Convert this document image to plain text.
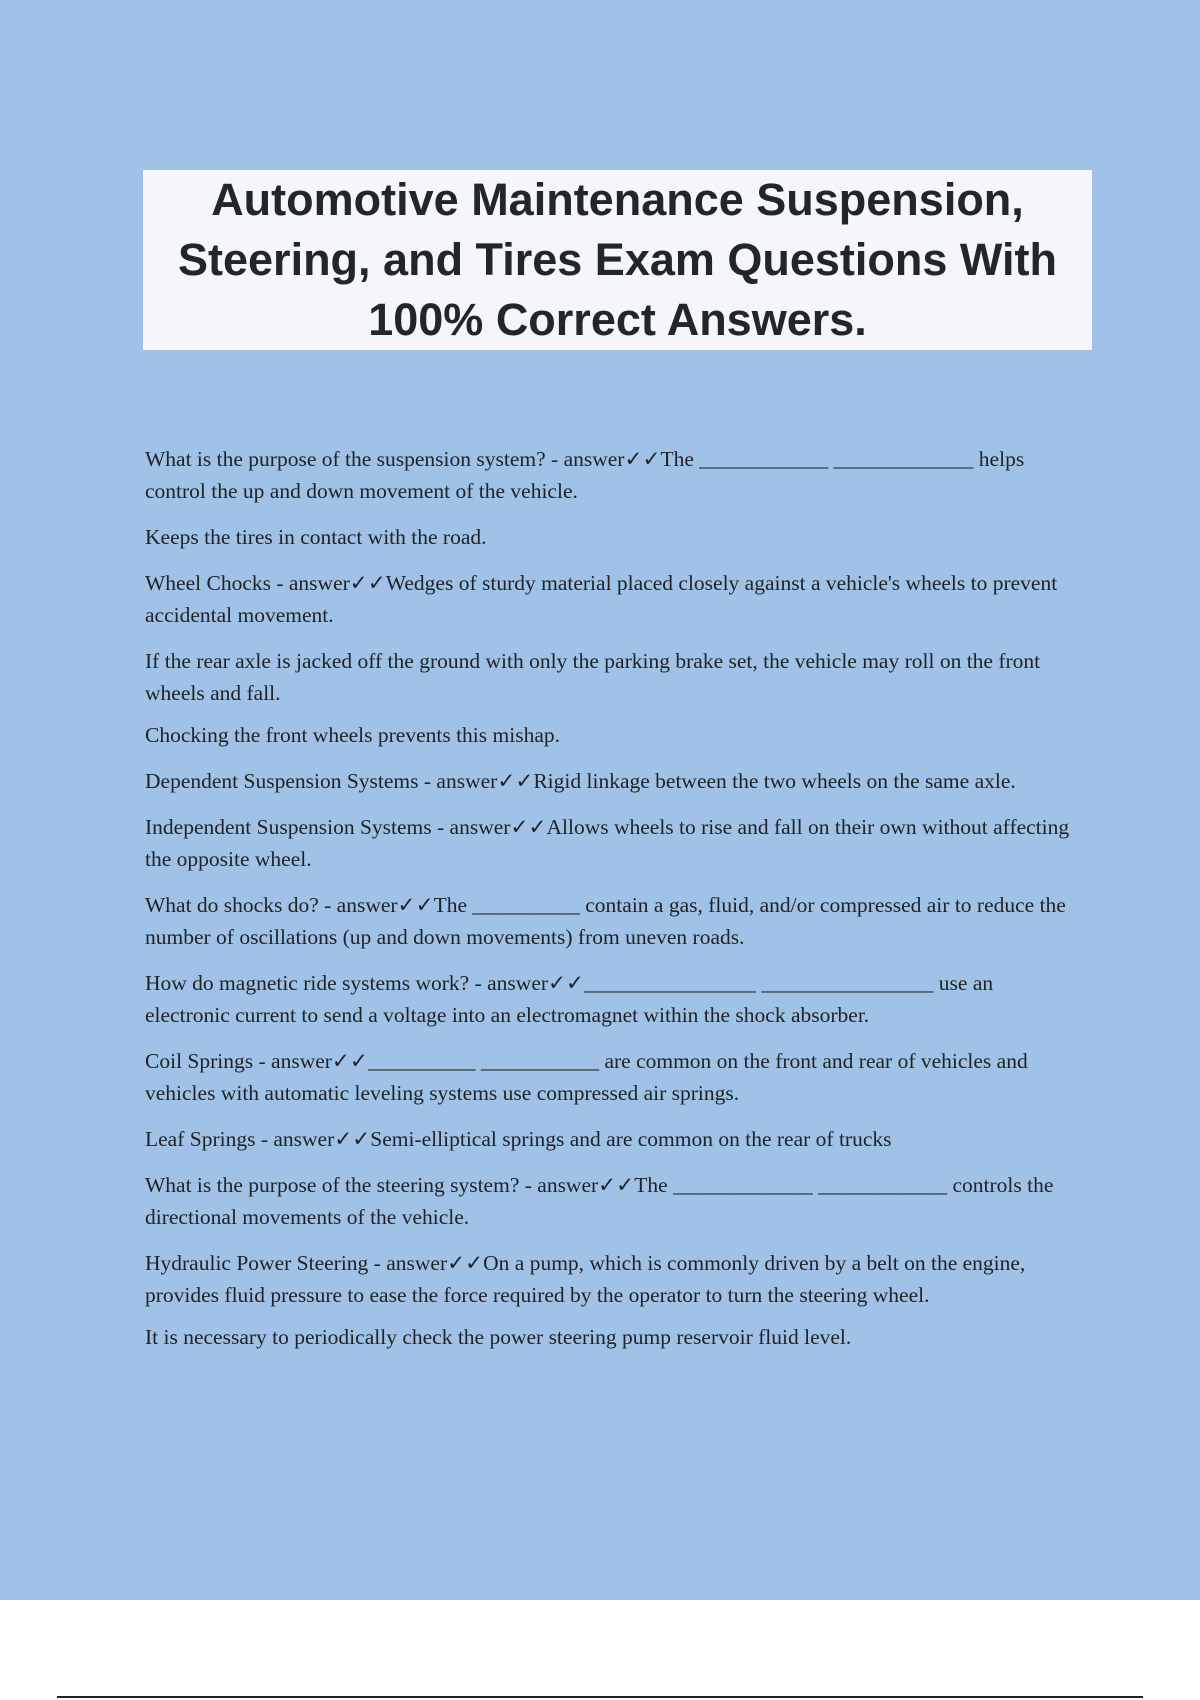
Automotive Maintenance Suspension, Steering, and Tires Exam Questions With 100% Correct Answers.

What is the purpose of the suspension system? - answer✓✓The ____________ _____________ helps control the up and down movement of the vehicle.

Keeps the tires in contact with the road.

Wheel Chocks - answer✓✓Wedges of sturdy material placed closely against a vehicle's wheels to prevent accidental movement.

If the rear axle is jacked off the ground with only the parking brake set, the vehicle may roll on the front wheels and fall.

Chocking the front wheels prevents this mishap.

Dependent Suspension Systems - answer✓✓Rigid linkage between the two wheels on the same axle.

Independent Suspension Systems - answer✓✓Allows wheels to rise and fall on their own without affecting the opposite wheel.

What do shocks do? - answer✓✓The __________ contain a gas, fluid, and/or compressed air to reduce the number of oscillations (up and down movements) from uneven roads.

How do magnetic ride systems work? - answer✓✓________________ ________________ use an electronic current to send a voltage into an electromagnet within the shock absorber.

Coil Springs - answer✓✓__________ ___________ are common on the front and rear of vehicles and vehicles with automatic leveling systems use compressed air springs.

Leaf Springs - answer✓✓Semi-elliptical springs and are common on the rear of trucks

What is the purpose of the steering system? - answer✓✓The _____________ ____________ controls the directional movements of the vehicle.

Hydraulic Power Steering - answer✓✓On a pump, which is commonly driven by a belt on the engine, provides fluid pressure to ease the force required by the operator to turn the steering wheel.

It is necessary to periodically check the power steering pump reservoir fluid level.
